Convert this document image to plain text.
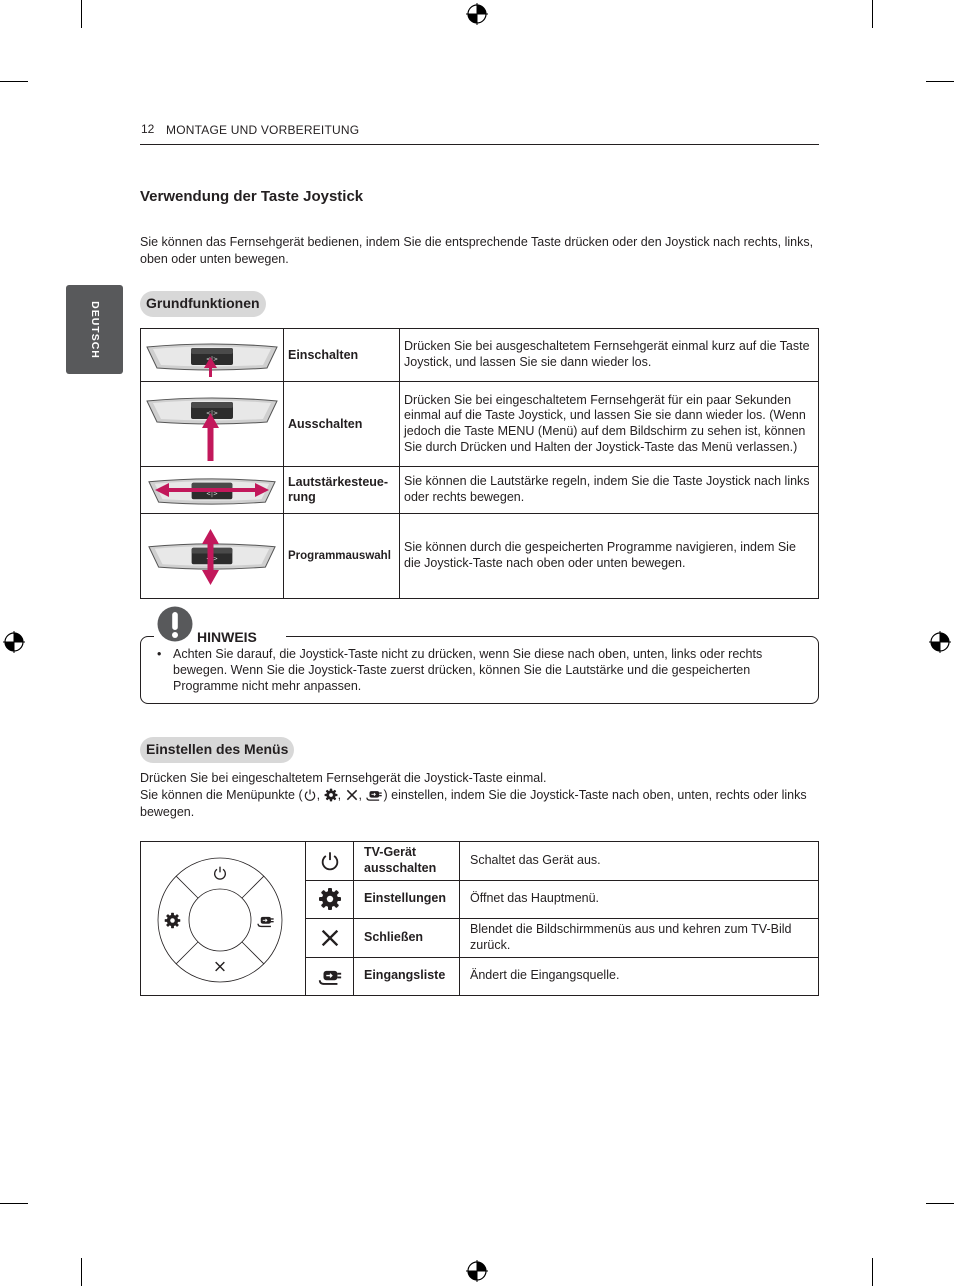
DEUTSCH
12 MONTAGE UND VORBEREITUNG
Verwendung der Taste Joystick
Sie können das Fernsehgerät bedienen, indem Sie die entsprechende Taste drücken oder den Joystick nach rechts, links, oben oder unten bewegen.
Grundfunktionen
	Einschalten	Drücken Sie bei ausgeschaltetem Fernsehgerät einmal kurz auf die Taste Joystick, und lassen Sie sie dann wieder los.

	Ausschalten	Drücken Sie bei eingeschaltetem Fernsehgerät für ein paar Sekunden einmal auf die Taste Joystick, und lassen Sie sie dann wieder los. (Wenn jedoch die Taste MENU (Menü) auf dem Bildschirm zu sehen ist, können Sie durch Drücken und Halten der Joystick-Taste das Menü verlassen.)

	Lautstärkesteue-rung	Sie können die Lautstärke regeln, indem Sie die Taste Joystick nach links oder rechts bewegen.

	Programmauswahl	Sie können durch die gespeicherten Programme navigieren, indem Sie die Joystick-Taste nach oben oder unten bewegen.
HINWEIS
• Achten Sie darauf, die Joystick-Taste nicht zu drücken, wenn Sie diese nach oben, unten, links oder rechts bewegen. Wenn Sie die Joystick-Taste zuerst drücken, können Sie die Lautstärke und die gespeicherten Programme nicht mehr anpassen.
Einstellen des Menüs
Drücken Sie bei eingeschaltetem Fernsehgerät die Joystick-Taste einmal.
Sie können die Menüpunkte ( , , , ) einstellen, indem Sie die Joystick-Taste nach oben, unten, rechts oder links bewegen.

	TV-Gerät ausschalten	Schaltet das Gerät aus.

	Einstellungen	Öffnet das Hauptmenü.

	Schließen	Blendet die Bildschirmmenüs aus und kehren zum TV-Bild zurück.

	Eingangsliste	Ändert die Eingangsquelle.
